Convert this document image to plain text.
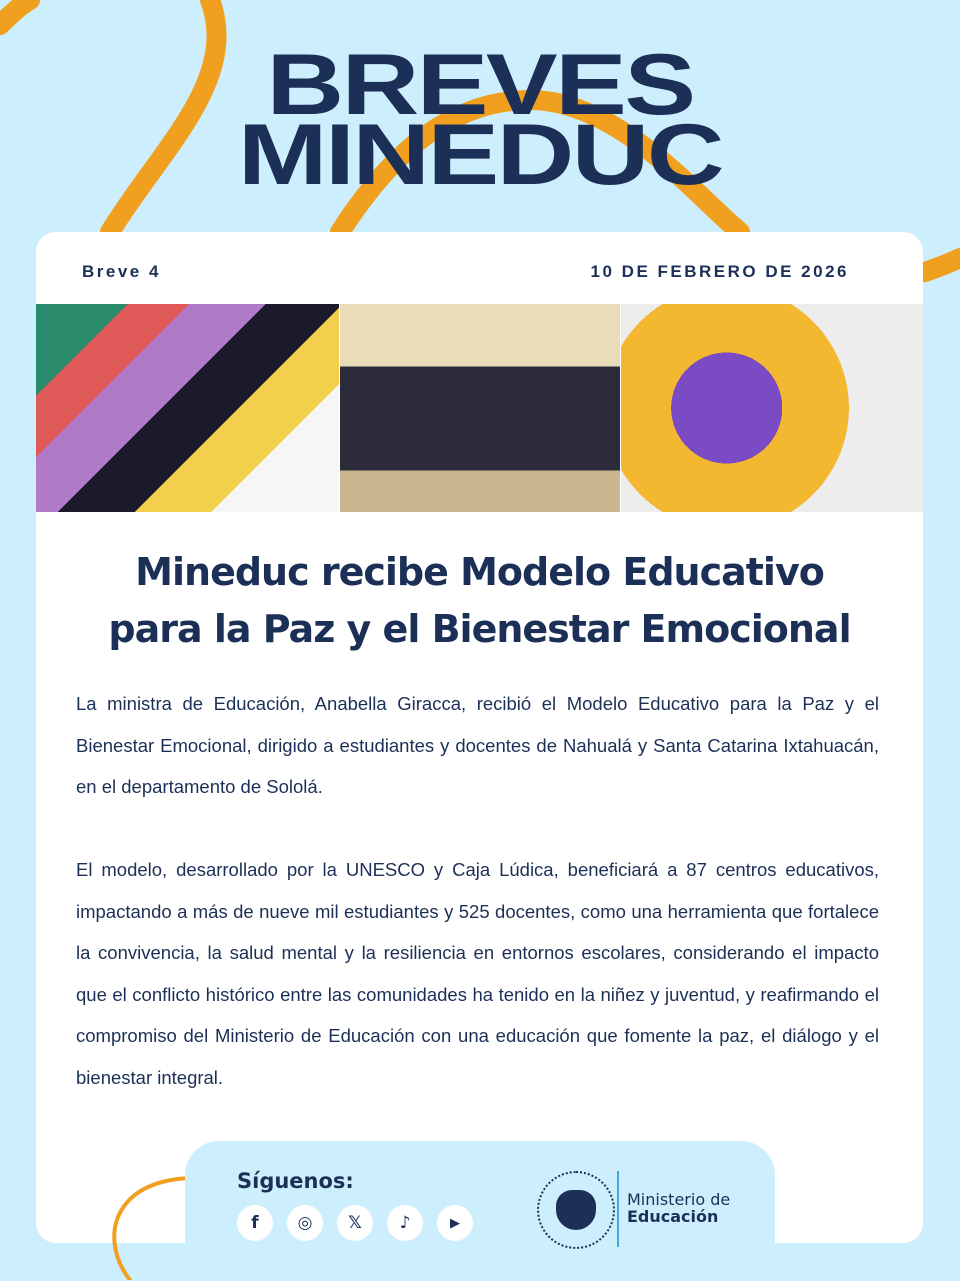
BREVES
MINEDUC
Breve 4	10 DE FEBRERO DE 2026
Mineduc recibe Modelo Educativo
para la Paz y el Bienestar Emocional

La ministra de Educación, Anabella Giracca, recibió el Modelo Educativo para la Paz y el Bienestar Emocional, dirigido a estudiantes y docentes de Nahualá y Santa Catarina Ixtahuacán, en el departamento de Sololá.

El modelo, desarrollado por la UNESCO y Caja Lúdica, beneficiará a 87 centros educativos, impactando a más de nueve mil estudiantes y 525 docentes, como una herramienta que fortalece la convivencia, la salud mental y la resiliencia en entornos escolares, considerando el impacto que el conflicto histórico entre las comunidades ha tenido en la niñez y juventud, y reafirmando el compromiso del Ministerio de Educación con una educación que fomente la paz, el diálogo y el bienestar integral.

Síguenos:
f	◎	𝕏	♪	▶
Ministerio de
Educación
